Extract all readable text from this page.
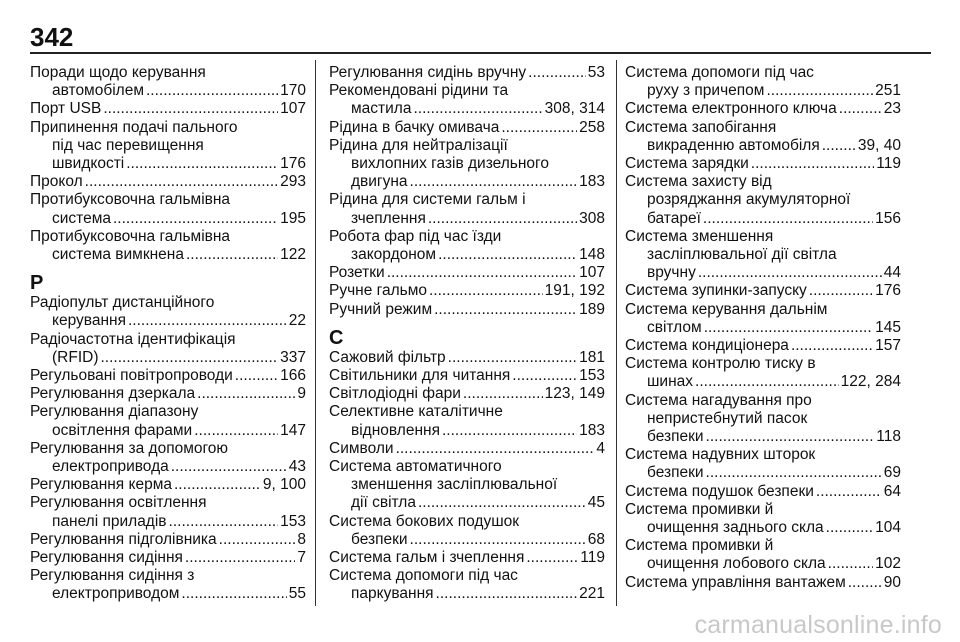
342
Поради щодо керування
автомобілем .....	170
Порт USB .....	107
Припинення подачі пального
під час перевищення
швидкості .....	176
Прокол .....	293
Протибуксовочна гальмівна
система .....	195
Протибуксовочна гальмівна
система вимкнена .....	122
Р
Радіопульт дистанційного
керування .....	22
Радіочастотна ідентифікація
(RFID) .....	337
Регульовані повітропроводи .....	166
Регулювання дзеркала .....	9
Регулювання діапазону
освітлення фарами .....	147
Регулювання за допомогою
електропривода .....	43
Регулювання керма .....	9, 100
Регулювання освітлення
панелі приладів .....	153
Регулювання підголівника .....	8
Регулювання сидіння .....	7
Регулювання сидіння з
електроприводом .....	55
Регулювання сидінь вручну .....	53
Рекомендовані рідини та
мастила .....	308, 314
Рідина в бачку омивача .....	258
Рідина для нейтралізації
вихлопних газів дизельного
двигуна .....	183
Рідина для системи гальм і
зчеплення .....	308
Робота фар під час їзди
закордоном .....	148
Розетки .....	107
Ручне гальмо .....	191, 192
Ручний режим .....	189
С
Сажовий фільтр .....	181
Світильники для читання .....	153
Світлодіодні фари .....	123, 149
Селективне каталітичне
відновлення .....	183
Символи .....	4
Система автоматичного
зменшення засліплювальної
дії світла .....	45
Система бокових подушок
безпеки .....	68
Система гальм і зчеплення .....	119
Система допомоги під час
паркування .....	221
Система допомоги під час
руху з причепом .....	251
Система електронного ключа .....	23
Система запобігання
викраденню автомобіля ..... 39, 40
Система зарядки .....	119
Система захисту від
розряджання акумуляторної
батареї .....	156
Система зменшення
засліплювальної дії світла
вручну .....	44
Система зупинки-запуску .....	176
Система керування дальнім
світлом .....	145
Система кондиціонера .....	157
Система контролю тиску в
шинах .....	122, 284
Система нагадування про
непристебнутий пасок
безпеки .....	118
Система надувних шторок
безпеки .....	69
Система подушок безпеки .....	64
Система промивки й
очищення заднього скла .....	104
Система промивки й
очищення лобового скла .....	102
Система управління вантажем ..... 90
carmanualsonline.info
